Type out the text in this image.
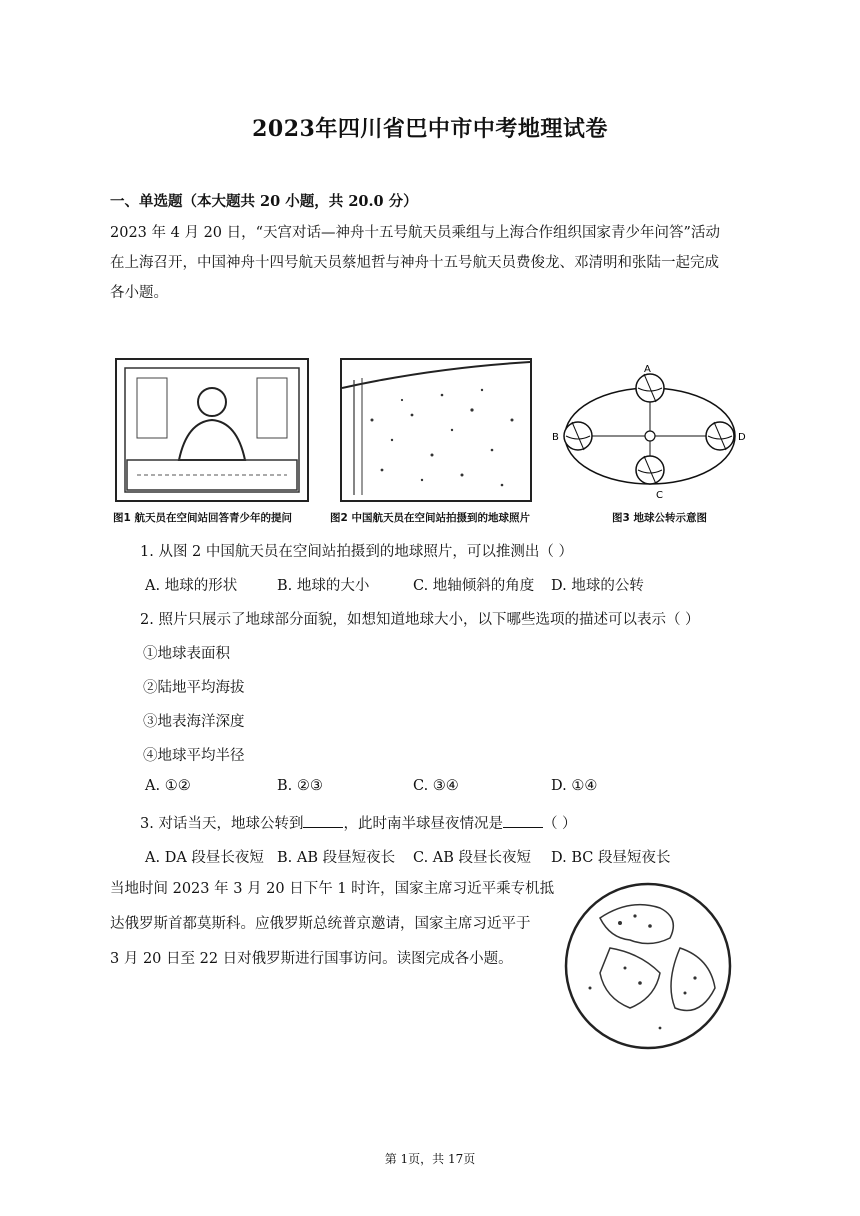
2023年四川省巴中市中考地理试卷
一、单选题（本大题共 20 小题，共 20.0 分）
2023 年 4 月 20 日，“天宫对话—神舟十五号航天员乘组与上海合作组织国家青少年问答”活动
在上海召开，中国神舟十四号航天员蔡旭哲与神舟十五号航天员费俊龙、邓清明和张陆一起完成
各小题。
图1 航天员在空间站回答青少年的提问	图2 中国航天员在空间站拍摄到的地球照片
A
B
C
D
图3 地球公转示意图
1. 从图 2 中国航天员在空间站拍摄到的地球照片，可以推测出（ ）
A. 地球的形状	B. 地球的大小	C. 地轴倾斜的角度 D. 地球的公转
2. 照片只展示了地球部分面貌，如想知道地球大小，以下哪些选项的描述可以表示（ ）
①地球表面积
②陆地平均海拔
③地表海洋深度
④地球平均半径
A. ①②	B. ②③	C. ③④	D. ①④
3. 对话当天，地球公转到	，此时南半球昼夜情况是	（ ）
A. DA 段昼长夜短 B. AB 段昼短夜长 C. AB 段昼长夜短 D. BC 段昼短夜长
当地时间 2023 年 3 月 20 日下午 1 时许，国家主席习近平乘专机抵
达俄罗斯首都莫斯科。应俄罗斯总统普京邀请，国家主席习近平于
3 月 20 日至 22 日对俄罗斯进行国事访问。读图完成各小题。
第 1页，共 17页
